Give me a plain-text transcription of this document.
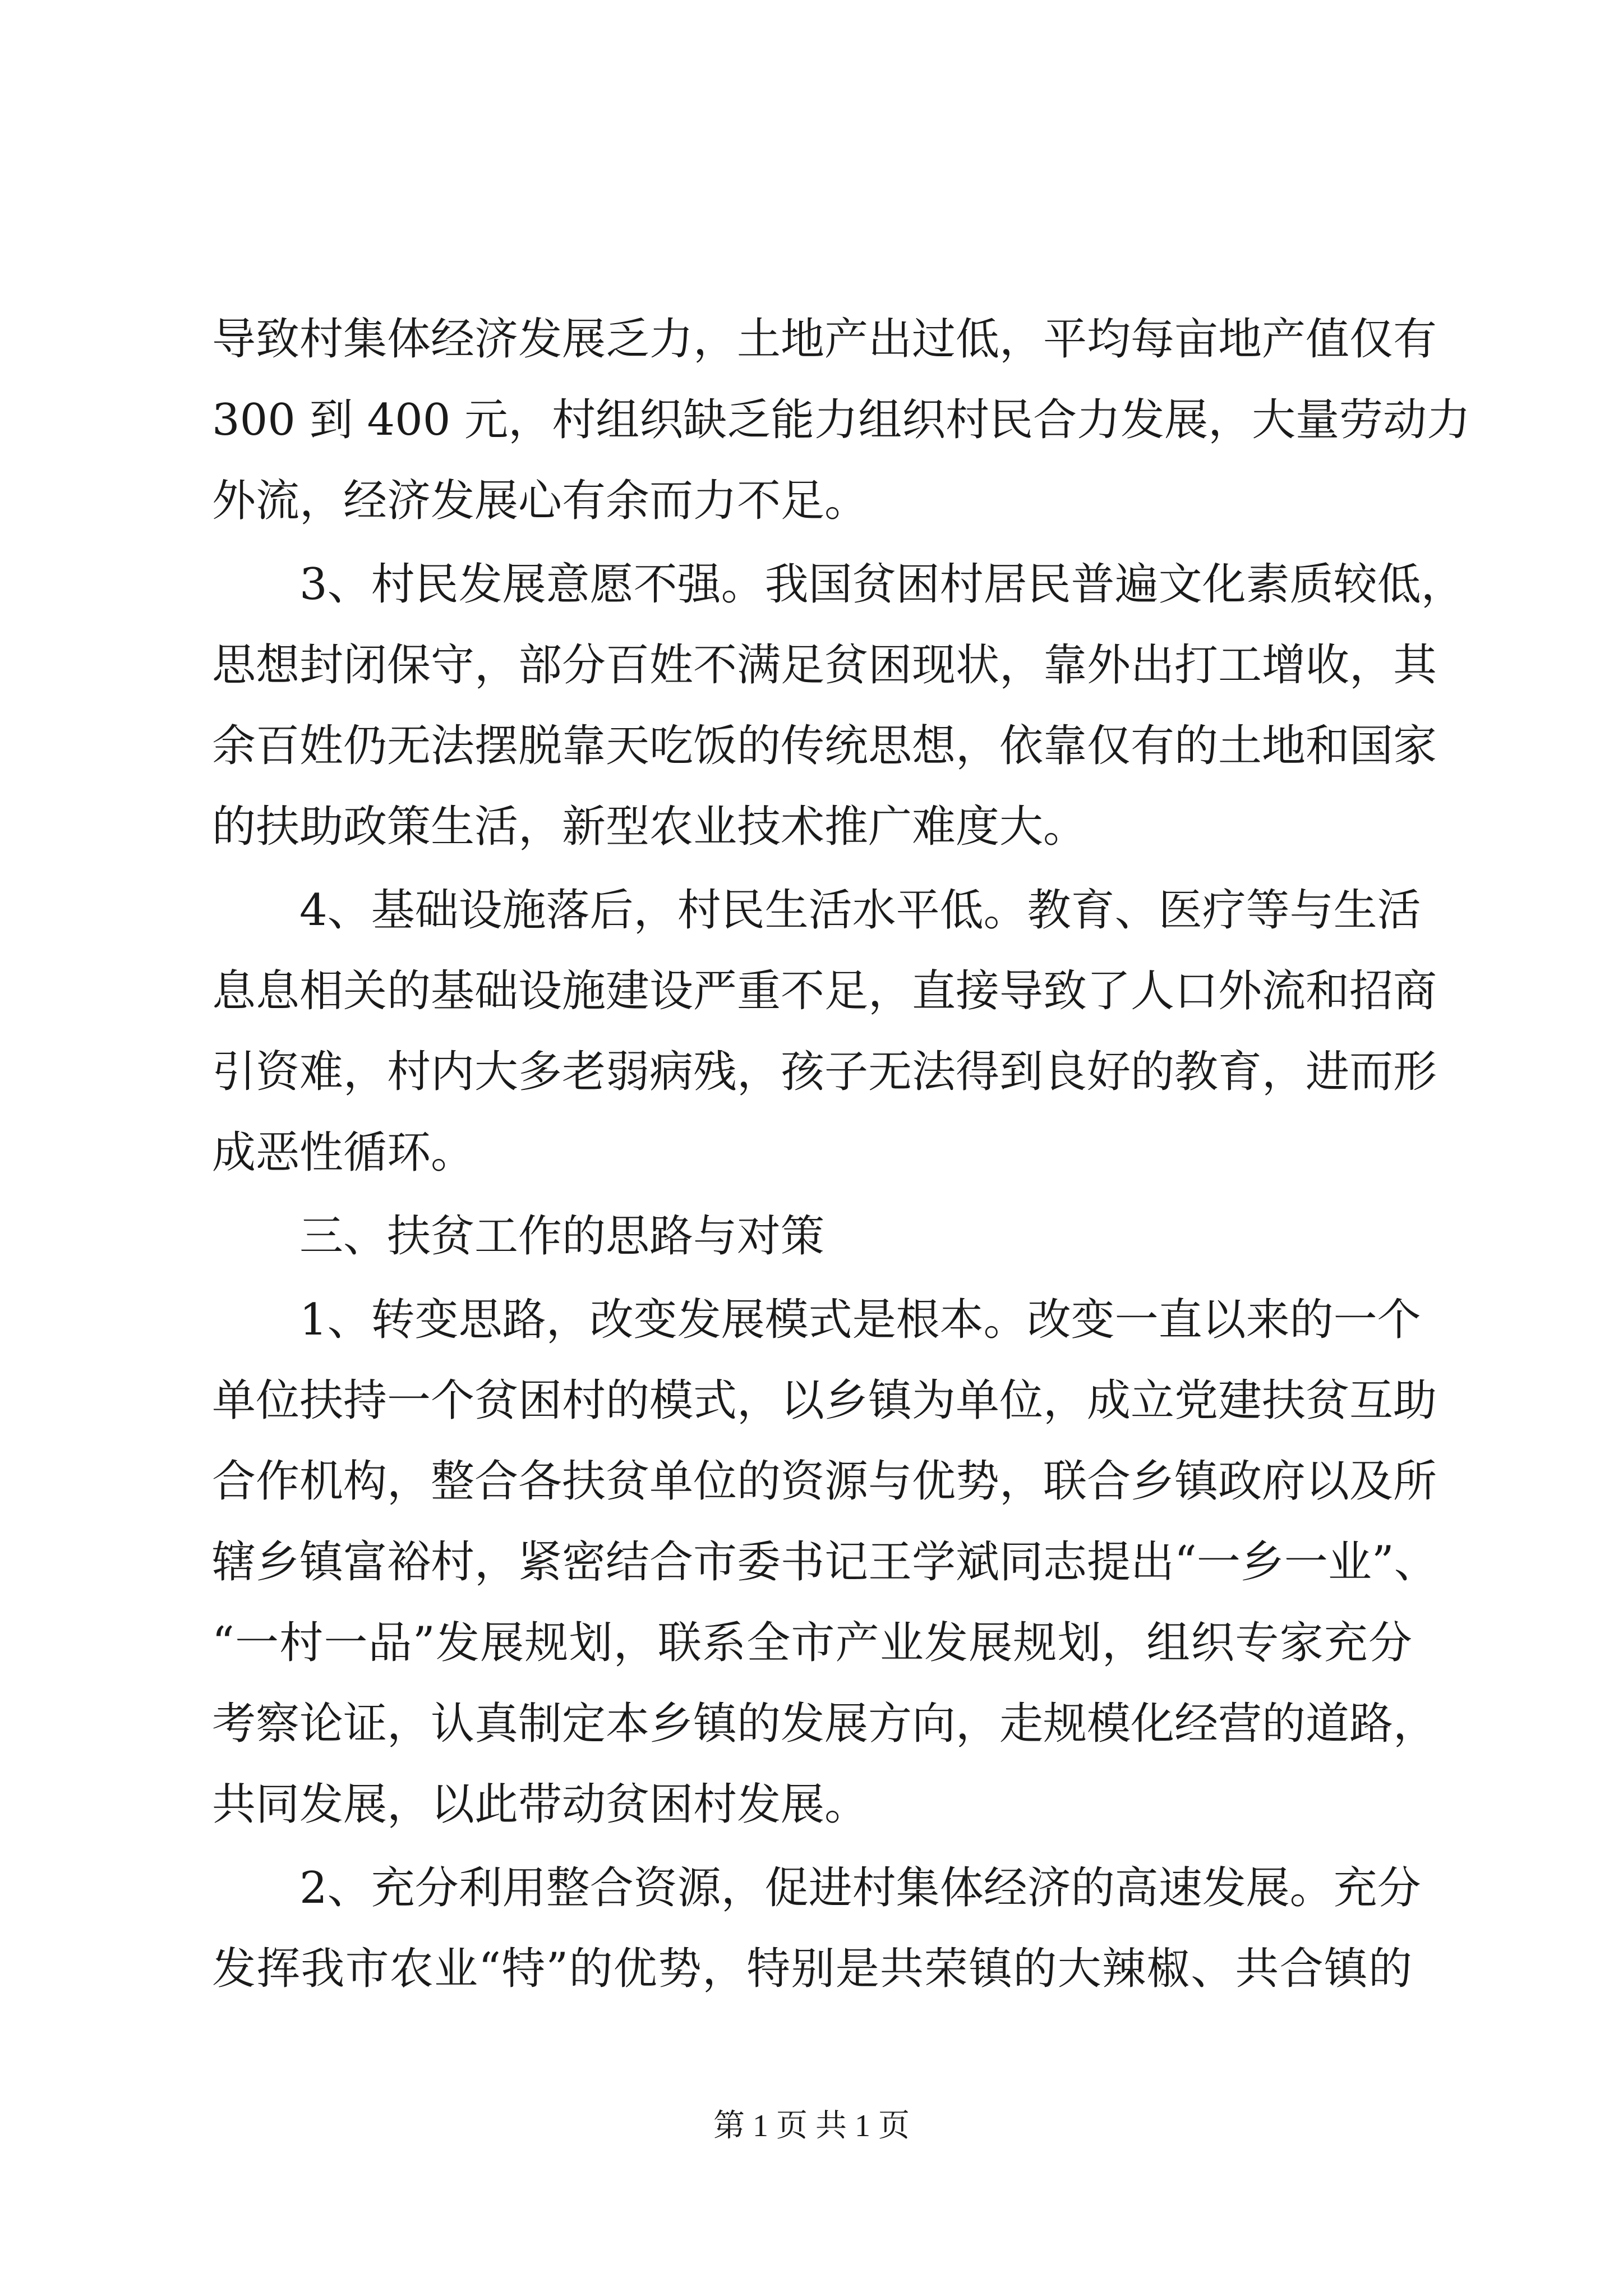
导致村集体经济发展乏力，土地产出过低，平均每亩地产值仅有

300 到 400 元，村组织缺乏能力组织村民合力发展，大量劳动力

外流，经济发展心有余而力不足。

3、村民发展意愿不强。我国贫困村居民普遍文化素质较低，

思想封闭保守，部分百姓不满足贫困现状，靠外出打工增收，其

余百姓仍无法摆脱靠天吃饭的传统思想，依靠仅有的土地和国家

的扶助政策生活，新型农业技术推广难度大。

4、基础设施落后，村民生活水平低。教育、医疗等与生活

息息相关的基础设施建设严重不足，直接导致了人口外流和招商

引资难，村内大多老弱病残，孩子无法得到良好的教育，进而形

成恶性循环。

三、扶贫工作的思路与对策

1、转变思路，改变发展模式是根本。改变一直以来的一个

单位扶持一个贫困村的模式，以乡镇为单位，成立党建扶贫互助

合作机构，整合各扶贫单位的资源与优势，联合乡镇政府以及所

辖乡镇富裕村，紧密结合市委书记王学斌同志提出“一乡一业”、

“一村一品”发展规划，联系全市产业发展规划，组织专家充分

考察论证，认真制定本乡镇的发展方向，走规模化经营的道路，

共同发展，以此带动贫困村发展。

2、充分利用整合资源，促进村集体经济的高速发展。充分

发挥我市农业“特”的优势，特别是共荣镇的大辣椒、共合镇的

第 1 页 共 1 页
